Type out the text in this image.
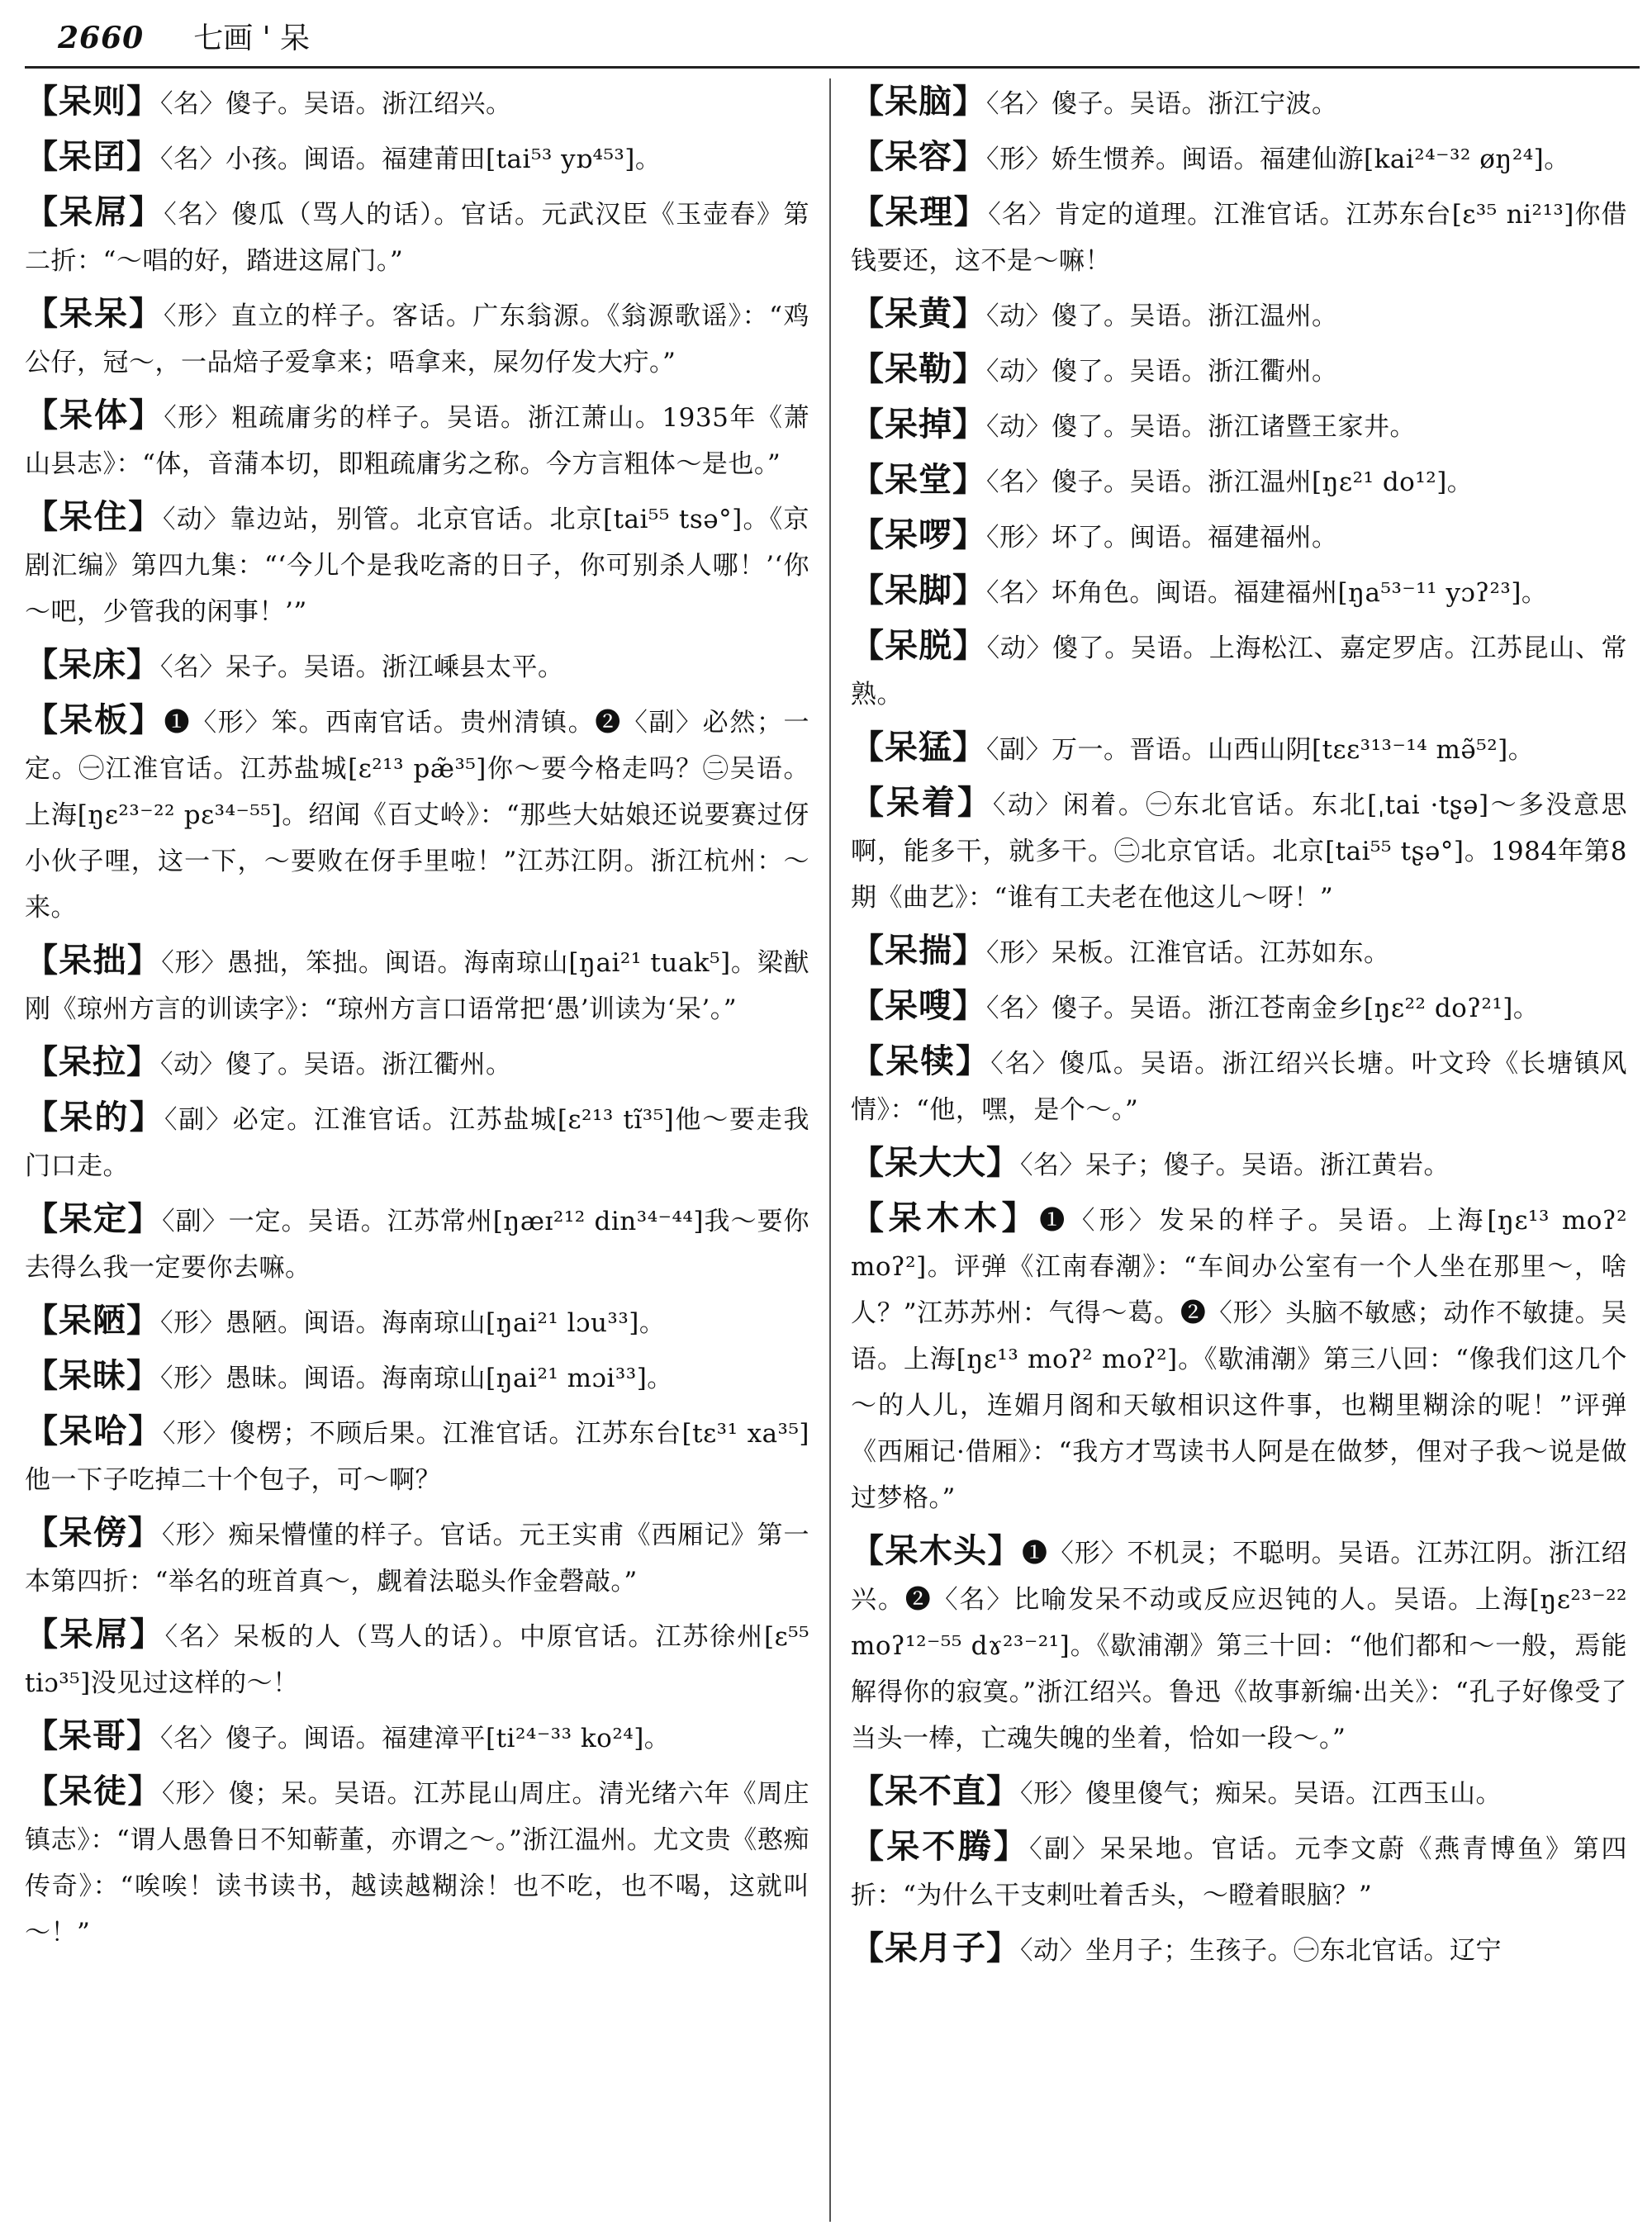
2660 七画 ' 呆
【呆则】〈名〉傻子。吴语。浙江绍兴。
【呆囝】〈名〉小孩。闽语。福建莆田[tai⁵³ yɒ⁴⁵³]。
【呆屌】〈名〉傻瓜（骂人的话）。官话。元武汉臣《玉壶春》第二折：“～唱的好，踏进这屌门。”
【呆呆】〈形〉直立的样子。客话。广东翁源。《翁源歌谣》：“鸡公仔，冠～，一品焙子爱拿来；唔拿来，屎勿仔发大疔。”
【呆体】〈形〉粗疏庸劣的样子。吴语。浙江萧山。1935年《萧山县志》：“体，音蒲本切，即粗疏庸劣之称。今方言粗体～是也。”
【呆住】〈动〉靠边站，别管。北京官话。北京[tai⁵⁵ tsə°]。《京剧汇编》第四九集：“‘今儿个是我吃斋的日子，你可别杀人哪！’‘你～吧，少管我的闲事！’”
【呆床】〈名〉呆子。吴语。浙江嵊县太平。
【呆板】❶〈形〉笨。西南官话。贵州清镇。❷〈副〉必然；一定。㊀江淮官话。江苏盐城[ɛ²¹³ pæ̃³⁵]你～要今格走吗？㊁吴语。上海[ŋɛ²³⁻²² pɛ³⁴⁻⁵⁵]。绍闻《百丈岭》：“那些大姑娘还说要赛过伢小伙子哩，这一下，～要败在伢手里啦！”江苏江阴。浙江杭州：～来。
【呆拙】〈形〉愚拙，笨拙。闽语。海南琼山[ŋai²¹ tuak⁵]。梁猷刚《琼州方言的训读字》：“琼州方言口语常把‘愚’训读为‘呆’。”
【呆拉】〈动〉傻了。吴语。浙江衢州。
【呆的】〈副〉必定。江淮官话。江苏盐城[ɛ²¹³ tĩ³⁵]他～要走我门口走。
【呆定】〈副〉一定。吴语。江苏常州[ŋæɪ²¹² din³⁴⁻⁴⁴]我～要你去得么我一定要你去嘛。
【呆陋】〈形〉愚陋。闽语。海南琼山[ŋai²¹ lɔu³³]。
【呆昧】〈形〉愚昧。闽语。海南琼山[ŋai²¹ mɔi³³]。
【呆哈】〈形〉傻楞；不顾后果。江淮官话。江苏东台[tɛ³¹ xa³⁵]他一下子吃掉二十个包子，可～啊？
【呆傍】〈形〉痴呆懵懂的样子。官话。元王实甫《西厢记》第一本第四折：“举名的班首真～，觑着法聪头作金磬敲。”
【呆屌】〈名〉呆板的人（骂人的话）。中原官话。江苏徐州[ɛ⁵⁵ tiɔ³⁵]没见过这样的～！
【呆哥】〈名〉傻子。闽语。福建漳平[ti²⁴⁻³³ ko²⁴]。
【呆徒】〈形〉傻；呆。吴语。江苏昆山周庄。清光绪六年《周庄镇志》：“谓人愚鲁日不知蕲董，亦谓之～。”浙江温州。尤文贵《憨痴传奇》：“唉唉！读书读书，越读越糊涂！也不吃，也不喝，这就叫～！”
【呆脑】〈名〉傻子。吴语。浙江宁波。
【呆容】〈形〉娇生惯养。闽语。福建仙游[kai²⁴⁻³² øŋ²⁴]。
【呆理】〈名〉肯定的道理。江淮官话。江苏东台[ɛ³⁵ ni²¹³]你借钱要还，这不是～嘛！
【呆黄】〈动〉傻了。吴语。浙江温州。
【呆勒】〈动〉傻了。吴语。浙江衢州。
【呆掉】〈动〉傻了。吴语。浙江诸暨王家井。
【呆堂】〈名〉傻子。吴语。浙江温州[ŋɛ²¹ do¹²]。
【呆啰】〈形〉坏了。闽语。福建福州。
【呆脚】〈名〉坏角色。闽语。福建福州[ŋa⁵³⁻¹¹ yɔʔ²³]。
【呆脱】〈动〉傻了。吴语。上海松江、嘉定罗店。江苏昆山、常熟。
【呆猛】〈副〉万一。晋语。山西山阴[tɛɛ³¹³⁻¹⁴ mə̃⁵²]。
【呆着】〈动〉闲着。㊀东北官话。东北[ˌtai ·tʂə]～多没意思啊，能多干，就多干。㊁北京官话。北京[tai⁵⁵ tʂə°]。1984年第8期《曲艺》：“谁有工夫老在他这儿～呀！”
【呆揣】〈形〉呆板。江淮官话。江苏如东。
【呆嗖】〈名〉傻子。吴语。浙江苍南金乡[ŋɛ²² doʔ²¹]。
【呆犊】〈名〉傻瓜。吴语。浙江绍兴长塘。叶文玲《长塘镇风情》：“他，嘿，是个～。”
【呆大大】〈名〉呆子；傻子。吴语。浙江黄岩。
【呆木木】❶〈形〉发呆的样子。吴语。上海[ŋɛ¹³ moʔ² moʔ²]。评弹《江南春潮》：“车间办公室有一个人坐在那里～，啥人？”江苏苏州：气得～葛。❷〈形〉头脑不敏感；动作不敏捷。吴语。上海[ŋɛ¹³ moʔ² moʔ²]。《歇浦潮》第三八回：“像我们这几个～的人儿，连媚月阁和天敏相识这件事，也糊里糊涂的呢！”评弹《西厢记·借厢》：“我方才骂读书人阿是在做梦，俚对子我～说是做过梦格。”
【呆木头】❶〈形〉不机灵；不聪明。吴语。江苏江阴。浙江绍兴。❷〈名〉比喻发呆不动或反应迟钝的人。吴语。上海[ŋɛ²³⁻²² moʔ¹²⁻⁵⁵ dɤ²³⁻²¹]。《歇浦潮》第三十回：“他们都和～一般，焉能解得你的寂寞。”浙江绍兴。鲁迅《故事新编·出关》：“孔子好像受了当头一棒，亡魂失魄的坐着，恰如一段～。”
【呆不直】〈形〉傻里傻气；痴呆。吴语。江西玉山。
【呆不腾】〈副〉呆呆地。官话。元李文蔚《燕青博鱼》第四折：“为什么干支剌吐着舌头，～瞪着眼脑？”
【呆月子】〈动〉坐月子；生孩子。㊀东北官话。辽宁
